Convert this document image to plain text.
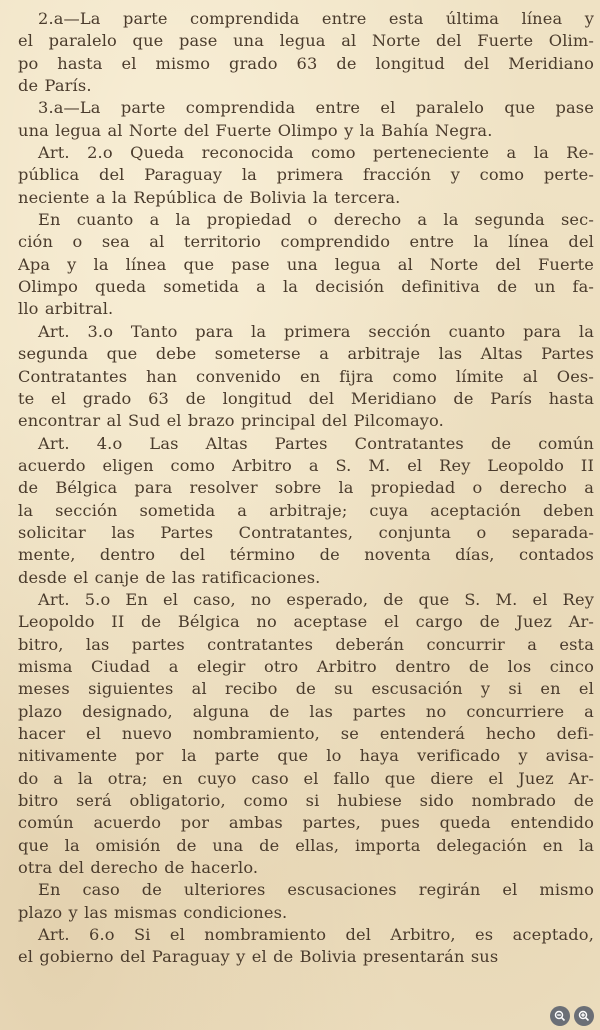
2.a—La parte comprendida entre esta última línea y
el paralelo que pase una legua al Norte del Fuerte Olim-
po hasta el mismo grado 63 de longitud del Meridiano
de París.
3.a—La parte comprendida entre el paralelo que pase
una legua al Norte del Fuerte Olimpo y la Bahía Negra.
Art. 2.o Queda reconocida como perteneciente a la Re-
pública del Paraguay la primera fracción y como perte-
neciente a la República de Bolivia la tercera.
En cuanto a la propiedad o derecho a la segunda sec-
ción o sea al territorio comprendido entre la línea del
Apa y la línea que pase una legua al Norte del Fuerte
Olimpo queda sometida a la decisión definitiva de un fa-
llo arbitral.
Art. 3.o Tanto para la primera sección cuanto para la
segunda que debe someterse a arbitraje las Altas Partes
Contratantes han convenido en fijra como límite al Oes-
te el grado 63 de longitud del Meridiano de París hasta
encontrar al Sud el brazo principal del Pilcomayo.
Art. 4.o Las Altas Partes Contratantes de común
acuerdo eligen como Arbitro a S. M. el Rey Leopoldo II
de Bélgica para resolver sobre la propiedad o derecho a
la sección sometida a arbitraje; cuya aceptación deben
solicitar las Partes Contratantes, conjunta o separada-
mente, dentro del término de noventa días, contados
desde el canje de las ratificaciones.
Art. 5.o En el caso, no esperado, de que S. M. el Rey
Leopoldo II de Bélgica no aceptase el cargo de Juez Ar-
bitro, las partes contratantes deberán concurrir a esta
misma Ciudad a elegir otro Arbitro dentro de los cinco
meses siguientes al recibo de su escusación y si en el
plazo designado, alguna de las partes no concurriere a
hacer el nuevo nombramiento, se entenderá hecho defi-
nitivamente por la parte que lo haya verificado y avisa-
do a la otra; en cuyo caso el fallo que diere el Juez Ar-
bitro será obligatorio, como si hubiese sido nombrado de
común acuerdo por ambas partes, pues queda entendido
que la omisión de una de ellas, importa delegación en la
otra del derecho de hacerlo.
En caso de ulteriores escusaciones regirán el mismo
plazo y las mismas condiciones.
Art. 6.o Si el nombramiento del Arbitro, es aceptado,
el gobierno del Paraguay y el de Bolivia presentarán sus
